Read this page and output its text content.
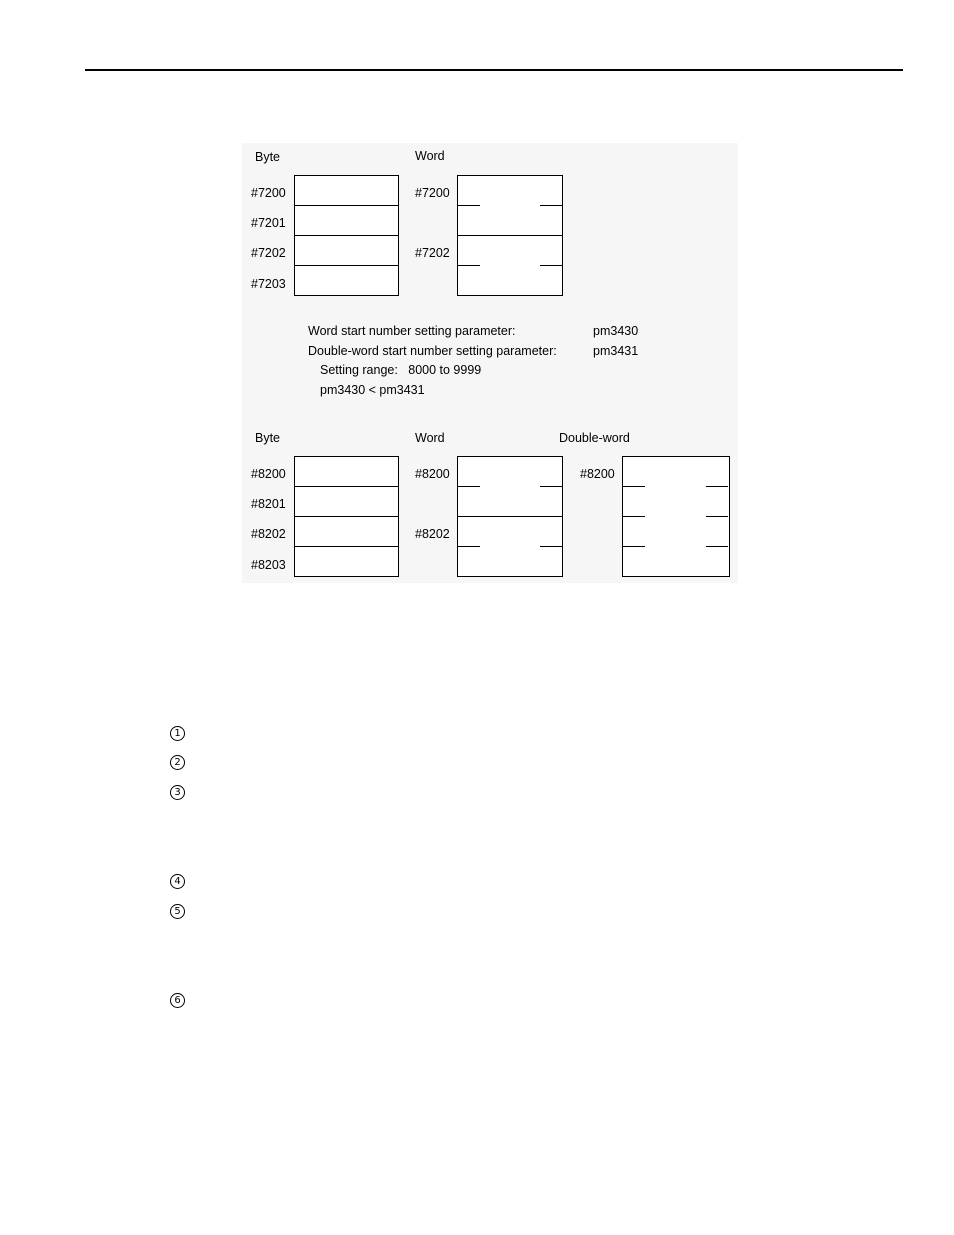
Byte	Word
#7200
#7201
#7202
#7203
#7200
#7202
Word start number setting parameter:	pm3430
Double-word start number setting parameter:	pm3431
Setting range:   8000 to 9999
pm3430 < pm3431
Byte	Word	Double-word
#8200
#8201
#8202
#8203
#8200
#8202
#8200
1
2
3
4
5
6
